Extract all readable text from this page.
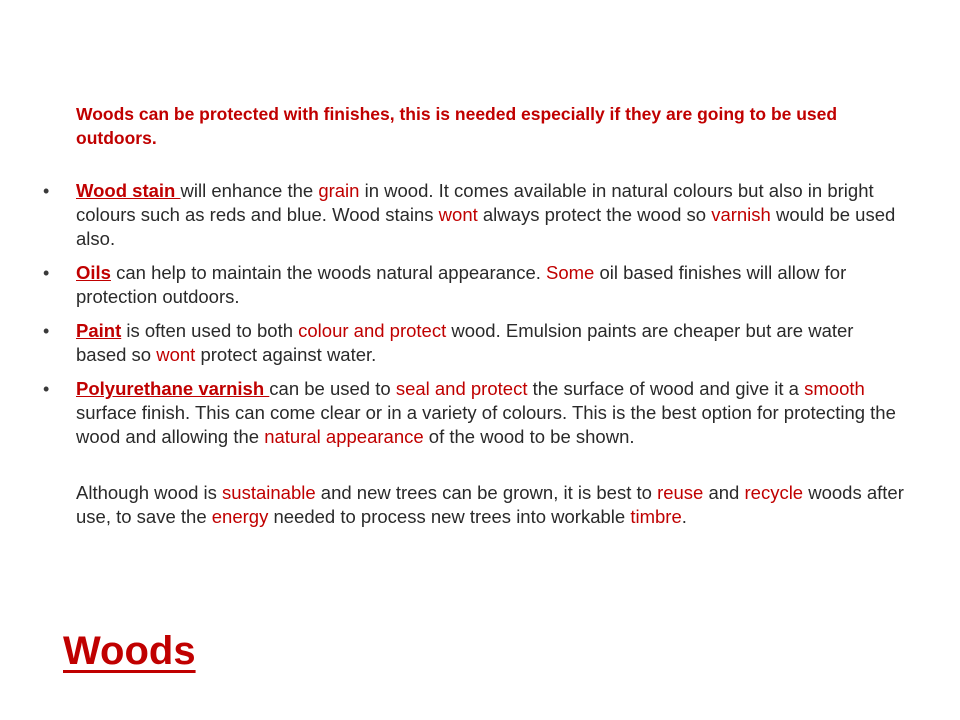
Woods can be protected with finishes, this is needed especially if they are going to be used outdoors.

• Wood stain will enhance the grain in wood. It comes available in natural colours but also in bright colours such as reds and blue. Wood stains wont always protect the wood so varnish would be used also.
• Oils can help to maintain the woods natural appearance. Some oil based finishes will allow for protection outdoors.
• Paint is often used to both colour and protect wood. Emulsion paints are cheaper but are water based so wont protect against water.
• Polyurethane varnish can be used to seal and protect the surface of wood and give it a smooth surface finish. This can come clear or in a variety of colours. This is the best option for protecting the wood and allowing the natural appearance of the wood to be shown.

Although wood is sustainable and new trees can be grown, it is best to reuse and recycle woods after use, to save the energy needed to process new trees into workable timbre.

Woods
